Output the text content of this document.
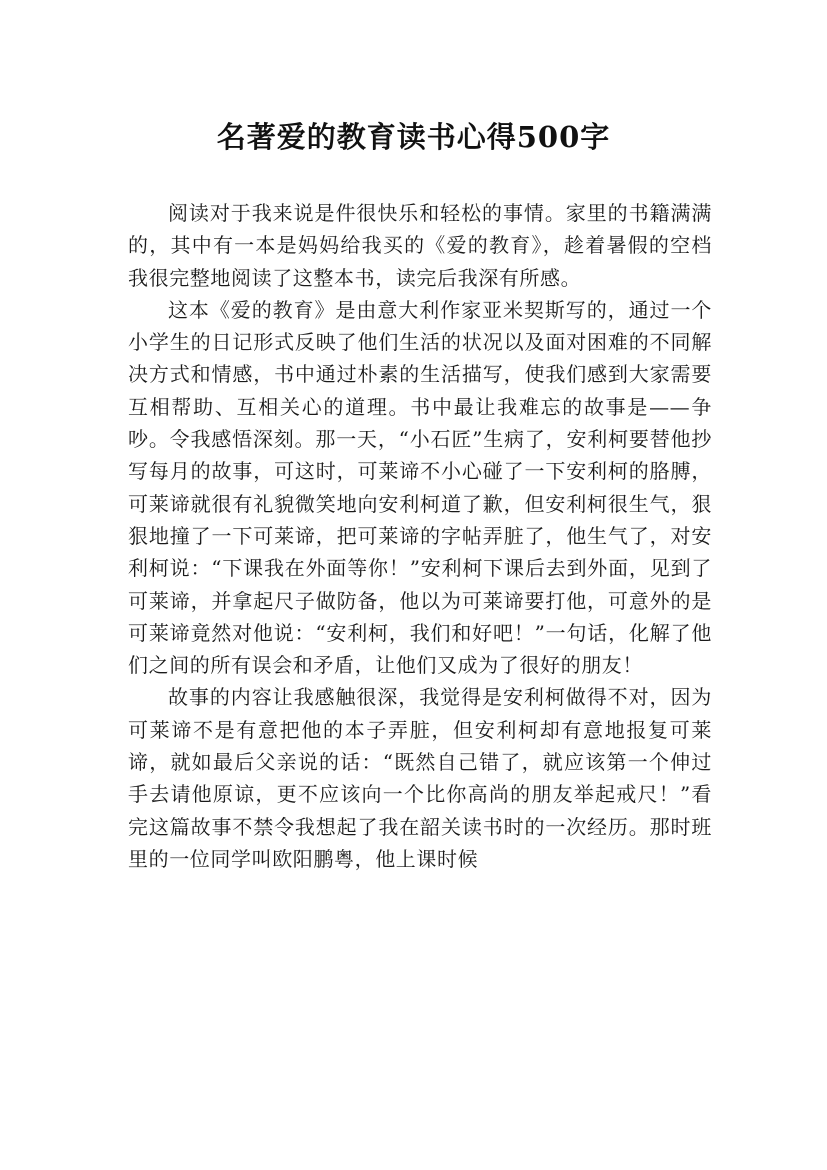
名著爱的教育读书心得500字

阅读对于我来说是件很快乐和轻松的事情。家里的书籍满满的，其中有一本是妈妈给我买的《爱的教育》，趁着暑假的空档我很完整地阅读了这整本书，读完后我深有所感。

这本《爱的教育》是由意大利作家亚米契斯写的，通过一个小学生的日记形式反映了他们生活的状况以及面对困难的不同解决方式和情感，书中通过朴素的生活描写，使我们感到大家需要互相帮助、互相关心的道理。书中最让我难忘的故事是——争吵。令我感悟深刻。那一天，“小石匠”生病了，安利柯要替他抄写每月的故事，可这时，可莱谛不小心碰了一下安利柯的胳膊，可莱谛就很有礼貌微笑地向安利柯道了歉，但安利柯很生气，狠狠地撞了一下可莱谛，把可莱谛的字帖弄脏了，他生气了，对安利柯说：“下课我在外面等你！”安利柯下课后去到外面，见到了可莱谛，并拿起尺子做防备，他以为可莱谛要打他，可意外的是可莱谛竟然对他说：“安利柯，我们和好吧！”一句话，化解了他们之间的所有误会和矛盾，让他们又成为了很好的朋友！

故事的内容让我感触很深，我觉得是安利柯做得不对，因为可莱谛不是有意把他的本子弄脏，但安利柯却有意地报复可莱谛，就如最后父亲说的话：“既然自己错了，就应该第一个伸过手去请他原谅，更不应该向一个比你高尚的朋友举起戒尺！”看完这篇故事不禁令我想起了我在韶关读书时的一次经历。那时班里的一位同学叫欧阳鹏粤，他上课时候
